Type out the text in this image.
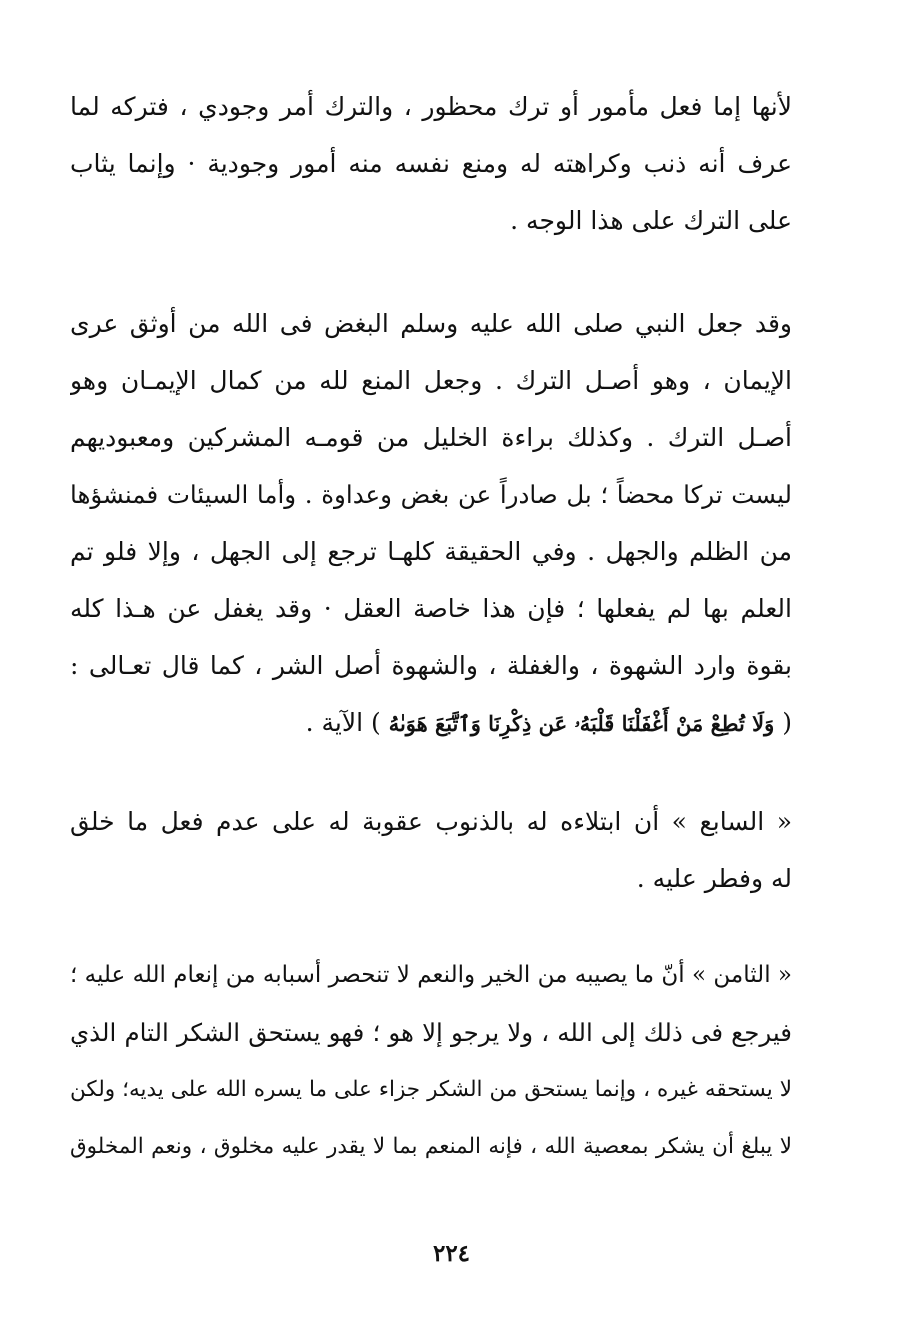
لأنها إما فعل مأمور أو ترك محظور ، والترك أمر وجودي ، فتركه لما
عرف أنه ذنب وكراهته له ومنع نفسه منه أمور وجودية · وإنما يثاب
على الترك على هذا الوجه .
وقد جعل النبي صلى الله عليه وسلم البغض فى الله من أوثق عرى
الإيمان ، وهو أصـل الترك . وجعل المنع لله من كمال الإيمـان وهو
أصـل الترك . وكذلك براءة الخليل من قومـه المشركين ومعبوديهم
ليست تركا محضاً ؛ بل صادراً عن بغض وعداوة . وأما السيئات فمنشؤها
من الظلم والجهل . وفي الحقيقة كلهـا ترجع إلى الجهل ، وإلا فلو تم
العلم بها لم يفعلها ؛ فإن هذا خاصة العقل · وقد يغفل عن هـذا كله
بقوة وارد الشهوة ، والغفلة ، والشهوة أصل الشر ، كما قال تعـالى :
( وَلَا تُطِعْ مَنْ أَغْفَلْنَا قَلْبَهُۥ عَن ذِكْرِنَا وَٱتَّبَعَ هَوَىٰهُ ) الآية .
« السابع » أن ابتلاءه له بالذنوب عقوبة له على عدم فعل ما خلق
له وفطر عليه .
« الثامن » أنّ ما يصيبه من الخير والنعم لا تنحصر أسبابه من إنعام الله عليه ؛
فيرجع فى ذلك إلى الله ، ولا يرجو إلا هو ؛ فهو يستحق الشكر التام الذي
لا يستحقه غيره ، وإنما يستحق من الشكر جزاء على ما يسره الله على يديه؛ ولكن
لا يبلغ أن يشكر بمعصية الله ، فإنه المنعم بما لا يقدر عليه مخلوق ، ونعم المخلوق
٢٢٤
